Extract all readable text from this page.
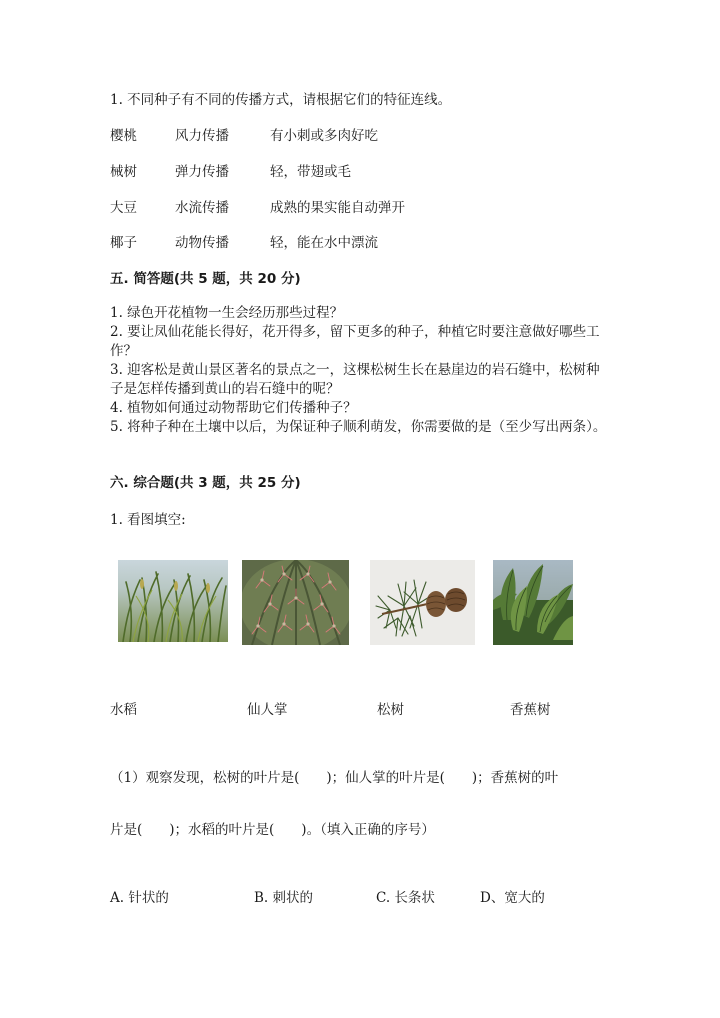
1. 不同种子有不同的传播方式，请根据它们的特征连线。
樱桃	风力传播	有小刺或多肉好吃
械树	弹力传播	轻，带翅或毛
大豆	水流传播	成熟的果实能自动弹开
椰子	动物传播	轻，能在水中漂流
五. 简答题(共 5 题，共 20 分)
1. 绿色开花植物一生会经历那些过程？
2. 要让凤仙花能长得好，花开得多，留下更多的种子，种植它时要注意做好哪些工作？
3. 迎客松是黄山景区著名的景点之一，这棵松树生长在悬崖边的岩石缝中，松树种子是怎样传播到黄山的岩石缝中的呢？
4. 植物如何通过动物帮助它们传播种子？
5. 将种子种在土壤中以后，为保证种子顺利萌发，你需要做的是（至少写出两条）。
六. 综合题(共 3 题，共 25 分)
1. 看图填空:
水稻	仙人掌	松树	香蕉树
（1）观察发现，松树的叶片是(　　)；仙人掌的叶片是(　　)；香蕉树的叶
片是(　　)；水稻的叶片是(　　)。（填入正确的序号）
A. 针状的	B. 刺状的	C. 长条状	D、宽大的
